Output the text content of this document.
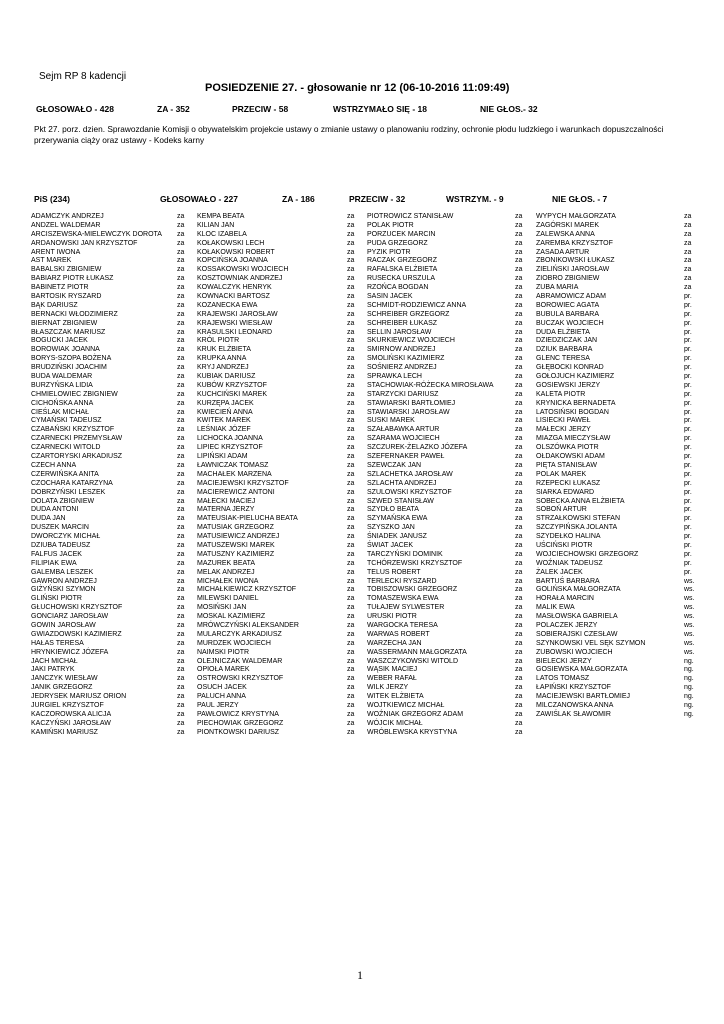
Sejm RP 8 kadencji
POSIEDZENIE 27. - głosowanie nr 12 (06-10-2016 11:09:49)
GŁOSOWAŁO - 428	ZA - 352	PRZECIW - 58	WSTRZYMAŁO SIĘ - 18	NIE GŁOS.- 32
Pkt 27. porz. dzien. Sprawozdanie Komisji o obywatelskim projekcie ustawy o zmianie ustawy o planowaniu rodziny, ochronie płodu ludzkiego i warunkach dopuszczalności przerywania ciąży oraz ustawy - Kodeks karny
PiS (234)	GŁOSOWAŁO - 227	ZA - 186	PRZECIW - 32	WSTRZYM. - 9	NIE GŁOS. - 7
ADAMCZYK ANDRZEJ	za
ANDZEL WALDEMAR	za
ARCISZEWSKA-MIELEWCZYK DOROTA za
ARDANOWSKI JAN KRZYSZTOF	za
ARENT IWONA	za
AST MAREK	za
BABALSKI ZBIGNIEW	za
BABIARZ PIOTR ŁUKASZ	za
BABINETZ PIOTR	za
BARTOSIK RYSZARD	za
BĄK DARIUSZ	za
BERNACKI WŁODZIMIERZ	za
BIERNAT ZBIGNIEW	za
BŁASZCZAK MARIUSZ	za
BOGUCKI JACEK	za
BOROWIAK JOANNA	za
BORYS-SZOPA BOŻENA	za
BRUDZIŃSKI JOACHIM	za
BUDA WALDEMAR	za
BURZYŃSKA LIDIA	za
CHMIELOWIEC ZBIGNIEW	za
CICHOŃSKA ANNA	za
CIEŚLAK MICHAŁ	za
CYMAŃSKI TADEUSZ	za
CZABAŃSKI KRZYSZTOF	za
CZARNECKI PRZEMYSŁAW	za
CZARNECKI WITOLD	za
CZARTORYSKI ARKADIUSZ	za
CZECH ANNA	za
CZERWIŃSKA ANITA	za
CZOCHARA KATARZYNA	za
DOBRZYŃSKI LESZEK	za
DOLATA ZBIGNIEW	za
DUDA ANTONI	za
DUDA JAN	za
DUSZEK MARCIN	za
DWORCZYK MICHAŁ	za
DZIUBA TADEUSZ	za
FALFUS JACEK	za
FILIPIAK EWA	za
GALEMBA LESZEK	za
GAWRON ANDRZEJ	za
GIŻYŃSKI SZYMON	za
GLIŃSKI PIOTR	za
GŁUCHOWSKI KRZYSZTOF	za
GONCIARZ JAROSŁAW	za
GOWIN JAROSŁAW	za
GWIAZDOWSKI KAZIMIERZ	za
HAŁAS TERESA	za
HRYNKIEWICZ JÓZEFA	za
JACH MICHAŁ	za
JAKI PATRYK	za
JANCZYK WIESŁAW	za
JANIK GRZEGORZ	za
JEDRYSEK MARIUSZ ORION	za
JURGIEL KRZYSZTOF	za
KACZOROWSKA ALICJA	za
KACZYŃSKI JAROSŁAW	za
KAMIŃSKI MARIUSZ	za
KEMPA BEATA	za
KILIAN JAN	za
KLOC IZABELA	za
KOŁAKOWSKI LECH	za
KOŁAKOWSKI ROBERT	za
KOPCIŃSKA JOANNA	za
KOSSAKOWSKI WOJCIECH	za
KOSZTOWNIAK ANDRZEJ	za
KOWALCZYK HENRYK	za
KOWNACKI BARTOSZ	za
KOZANECKA EWA	za
KRAJEWSKI JAROSŁAW	za
KRAJEWSKI WIESŁAW	za
KRASULSKI LEONARD	za
KRÓL PIOTR	za
KRUK ELŻBIETA	za
KRUPKA ANNA	za
KRYJ ANDRZEJ	za
KUBIAK DARIUSZ	za
KUBÓW KRZYSZTOF	za
KUCHCIŃSKI MAREK	za
KURZĘPA JACEK	za
KWIECIEŃ ANNA	za
KWITEK MAREK	za
LEŚNIAK JÓZEF	za
LICHOCKA JOANNA	za
LIPIEC KRZYSZTOF	za
LIPIŃSKI ADAM	za
ŁAWNICZAK TOMASZ	za
MACHAŁEK MARZENA	za
MACIEJEWSKI KRZYSZTOF	za
MACIEREWICZ ANTONI	za
MAŁECKI MACIEJ	za
MATERNA JERZY	za
MATEUSIAK-PIELUCHA BEATA	za
MATUSIAK GRZEGORZ	za
MATUSIEWICZ ANDRZEJ	za
MATUSZEWSKI MAREK	za
MATUSZNY KAZIMIERZ	za
MAZUREK BEATA	za
MELAK ANDRZEJ	za
MICHAŁEK IWONA	za
MICHAŁKIEWICZ KRZYSZTOF	za
MILEWSKI DANIEL	za
MOSIŃSKI JAN	za
MOSKAL KAZIMIERZ	za
MRÓWCZYŃSKI ALEKSANDER	za
MULARCZYK ARKADIUSZ	za
MURDZEK WOJCIECH	za
NAIMSKI PIOTR	za
OLEJNICZAK WALDEMAR	za
OPIOŁA MAREK	za
OSTROWSKI KRZYSZTOF	za
OSUCH JACEK	za
PALUCH ANNA	za
PAUL JERZY	za
PAWŁOWICZ KRYSTYNA	za
PIECHOWIAK GRZEGORZ	za
PIONTKOWSKI DARIUSZ	za
PIOTROWICZ STANISŁAW	za
POLAK PIOTR	za
PORZUCEK MARCIN	za
PUDA GRZEGORZ	za
PYZIK PIOTR	za
RACZAK GRZEGORZ	za
RAFALSKA ELŻBIETA	za
RUSECKA URSZULA	za
RZOŃCA BOGDAN	za
SASIN JACEK	za
SCHMIDT-RODZIEWICZ ANNA	za
SCHREIBER GRZEGORZ	za
SCHREIBER ŁUKASZ	za
SELLIN JAROSŁAW	za
SKURKIEWICZ WOJCIECH	za
SMIRNOW ANDRZEJ	za
SMOLIŃSKI KAZIMIERZ	za
SOŚNIERZ ANDRZEJ	za
SPRAWKA LECH	za
STACHOWIAK-RÓŻECKA MIROSŁAWA	za
STARZYCKI DARIUSZ	za
STAWIARSKI BARTŁOMIEJ	za
STAWIARSKI JAROSŁAW	za
SUSKI MAREK	za
SZAŁABAWKA ARTUR	za
SZARAMA WOJCIECH	za
SZCZUREK-ŻELAZKO JÓZEFA	za
SZEFERNAKER PAWEŁ	za
SZEWCZAK JAN	za
SZLACHETKA JAROSŁAW	za
SZLACHTA ANDRZEJ	za
SZULOWSKI KRZYSZTOF	za
SZWED STANISŁAW	za
SZYDŁO BEATA	za
SZYMAŃSKA EWA	za
SZYSZKO JAN	za
ŚNIADEK JANUSZ	za
ŚWIAT JACEK	za
TARCZYŃSKI DOMINIK	za
TCHÓRZEWSKI KRZYSZTOF	za
TELUS ROBERT	za
TERLECKI RYSZARD	za
TOBISZOWSKI GRZEGORZ	za
TOMASZEWSKA EWA	za
TUŁAJEW SYLWESTER	za
URUSKI PIOTR	za
WARGOCKA TERESA	za
WARWAS ROBERT	za
WARZECHA JAN	za
WASSERMANN MAŁGORZATA	za
WASZCZYKOWSKI WITOLD	za
WĄSIK MACIEJ	za
WEBER RAFAŁ	za
WILK JERZY	za
WITEK ELŻBIETA	za
WOJTKIEWICZ MICHAŁ	za
WOŹNIAK GRZEGORZ ADAM	za
WÓJCIK MICHAŁ	za
WRÓBLEWSKA KRYSTYNA	za
WYPYCH MAŁGORZATA	za
ZAGÓRSKI MAREK	za
ZALEWSKA ANNA	za
ZAREMBA KRZYSZTOF	za
ZASADA ARTUR	za
ZBONIKOWSKI ŁUKASZ	za
ZIELIŃSKI JAROSŁAW	za
ZIOBRO ZBIGNIEW	za
ZUBA MARIA	za
ABRAMOWICZ ADAM	pr.
BOROWIEC AGATA	pr.
BUBULA BARBARA	pr.
BUCZAK WOJCIECH	pr.
DUDA ELŻBIETA	pr.
DZIEDZICZAK JAN	pr.
DZIUK BARBARA	pr.
GLENC TERESA	pr.
GŁĘBOCKI KONRAD	pr.
GOŁOJUCH KAZIMIERZ	pr.
GOSIEWSKI JERZY	pr.
KALETA PIOTR	pr.
KRYNICKA BERNADETA	pr.
LATOSIŃSKI BOGDAN	pr.
LISIECKI PAWEŁ	pr.
MAŁECKI JERZY	pr.
MIAZGA MIECZYSŁAW	pr.
OLSZÓWKA PIOTR	pr.
OŁDAKOWSKI ADAM	pr.
PIĘTA STANISŁAW	pr.
POLAK MAREK	pr.
RZEPECKI ŁUKASZ	pr.
SIARKA EDWARD	pr.
SOBECKA ANNA ELŻBIETA	pr.
SOBOŃ ARTUR	pr.
STRZAŁKOWSKI STEFAN	pr.
SZCZYPIŃSKA JOLANTA	pr.
SZYDEŁKO HALINA	pr.
UŚCIŃSKI PIOTR	pr.
WOJCIECHOWSKI GRZEGORZ	pr.
WOŹNIAK TADEUSZ	pr.
ŻALEK JACEK	pr.
BARTUŚ BARBARA	ws.
GOLIŃSKA MAŁGORZATA	ws.
HORAŁA MARCIN	ws.
MALIK EWA	ws.
MASŁOWSKA GABRIELA	ws.
POLACZEK JERZY	ws.
SOBIERAJSKI CZESŁAW	ws.
SZYNKOWSKI VEL SĘK SZYMON	ws.
ZUBOWSKI WOJCIECH	ws.
BIELECKI JERZY	ng.
GOSIEWSKA MAŁGORZATA	ng.
LATOS TOMASZ	ng.
ŁAPIŃSKI KRZYSZTOF	ng.
MACIEJEWSKI BARTŁOMIEJ	ng.
MILCZANOWSKA ANNA	ng.
ZAWIŚLAK SŁAWOMIR	ng.
1
